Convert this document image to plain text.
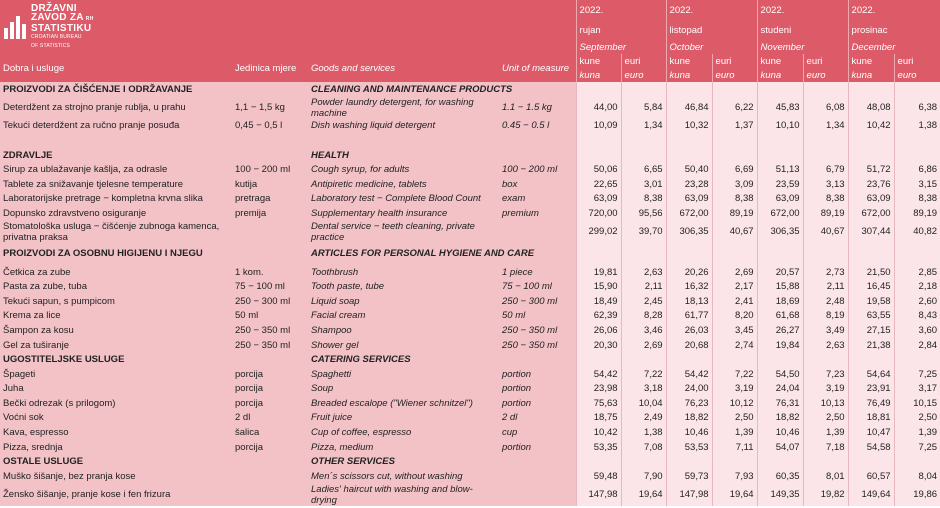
DRŽAVNI
ZAVOD ZA RH
STATISTIKU
CROATIAN BUREAU
OF STATISTICS				2022.		2022.		2022.		2022.	
				rujan		listopad		studeni		prosinac	
				September		October		November		December	
Dobra i usluge	Jedinica mjere	Goods and services	Unit of measure	kune	euri	kune	euri	kune	euri	kune	euri
				kuna	euro	kuna	euro	kuna	euro	kuna	euro
PROIZVODI ZA ČIŠĆENJE I ODRŽAVANJE		CLEANING AND MAINTENANCE PRODUCTS									
Deterdžent za strojno pranje rublja, u prahu	1,1 − 1,5 kg	Powder laundry detergent, for washing machine	1.1 − 1.5 kg	44,00	5,84	46,84	6,22	45,83	6,08	48,08	6,38
Tekući deterdžent za ručno pranje posuđa	0,45 − 0,5 l	Dish washing liquid detergent	0.45 − 0.5 l	10,09	1,34	10,32	1,37	10,10	1,34	10,42	1,38

ZDRAVLJE		HEALTH									
Sirup za ublažavanje kašlja, za odrasle	100 − 200 ml	Cough syrup, for adults	100 − 200 ml	50,06	6,65	50,40	6,69	51,13	6,79	51,72	6,86
Tablete za snižavanje tjelesne temperature	kutija	Antipiretic medicine, tablets	box	22,65	3,01	23,28	3,09	23,59	3,13	23,76	3,15
Laboratorijske pretrage − kompletna krvna slika	pretraga	Laboratory test − Complete Blood Count	exam	63,09	8,38	63,09	8,38	63,09	8,38	63,09	8,38
Dopunsko zdravstveno osiguranje	premija	Supplementary health insurance	premium	720,00	95,56	672,00	89,19	672,00	89,19	672,00	89,19
Stomatološka usluga − čišćenje zubnoga kamenca, privatna praksa		Dental service − teeth cleaning, private practice		299,02	39,70	306,35	40,67	306,35	40,67	307,44	40,82
PROIZVODI ZA OSOBNU HIGIJENU I NJEGU		ARTICLES FOR PERSONAL HYGIENE AND CARE									
Četkica za zube	1 kom.	Toothbrush	1 piece	19,81	2,63	20,26	2,69	20,57	2,73	21,50	2,85
Pasta za zube, tuba	75 − 100 ml	Tooth paste, tube	75 − 100 ml	15,90	2,11	16,32	2,17	15,88	2,11	16,45	2,18
Tekući sapun, s pumpicom	250 − 300 ml	Liquid soap	250 − 300 ml	18,49	2,45	18,13	2,41	18,69	2,48	19,58	2,60
Krema za lice	50 ml	Facial cream	50 ml	62,39	8,28	61,77	8,20	61,68	8,19	63,55	8,43
Šampon za kosu	250 − 350 ml	Shampoo	250 − 350 ml	26,06	3,46	26,03	3,45	26,27	3,49	27,15	3,60
Gel za tuširanje	250 − 350 ml	Shower gel	250 − 350 ml	20,30	2,69	20,68	2,74	19,84	2,63	21,38	2,84
UGOSTITELJSKE USLUGE		CATERING SERVICES									
Špageti	porcija	Spaghetti	portion	54,42	7,22	54,42	7,22	54,50	7,23	54,64	7,25
Juha	porcija	Soup	portion	23,98	3,18	24,00	3,19	24,04	3,19	23,91	3,17
Bečki odrezak (s prilogom)	porcija	Breaded escalope ("Wiener schnitzel")	portion	75,63	10,04	76,23	10,12	76,31	10,13	76,49	10,15
Voćni sok	2 dl	Fruit juice	2 dl	18,75	2,49	18,82	2,50	18,82	2,50	18,81	2,50
Kava, espresso	šalica	Cup of coffee, espresso	cup	10,42	1,38	10,46	1,39	10,46	1,39	10,47	1,39
Pizza, srednja	porcija	Pizza, medium	portion	53,35	7,08	53,53	7,11	54,07	7,18	54,58	7,25
OSTALE USLUGE		OTHER SERVICES									
Muško šišanje, bez pranja kose		Men´s scissors cut, without washing		59,48	7,90	59,73	7,93	60,35	8,01	60,57	8,04
Žensko šišanje, pranje kose i fen frizura		Ladies' haircut with washing and blow-drying		147,98	19,64	147,98	19,64	149,35	19,82	149,64	19,86
